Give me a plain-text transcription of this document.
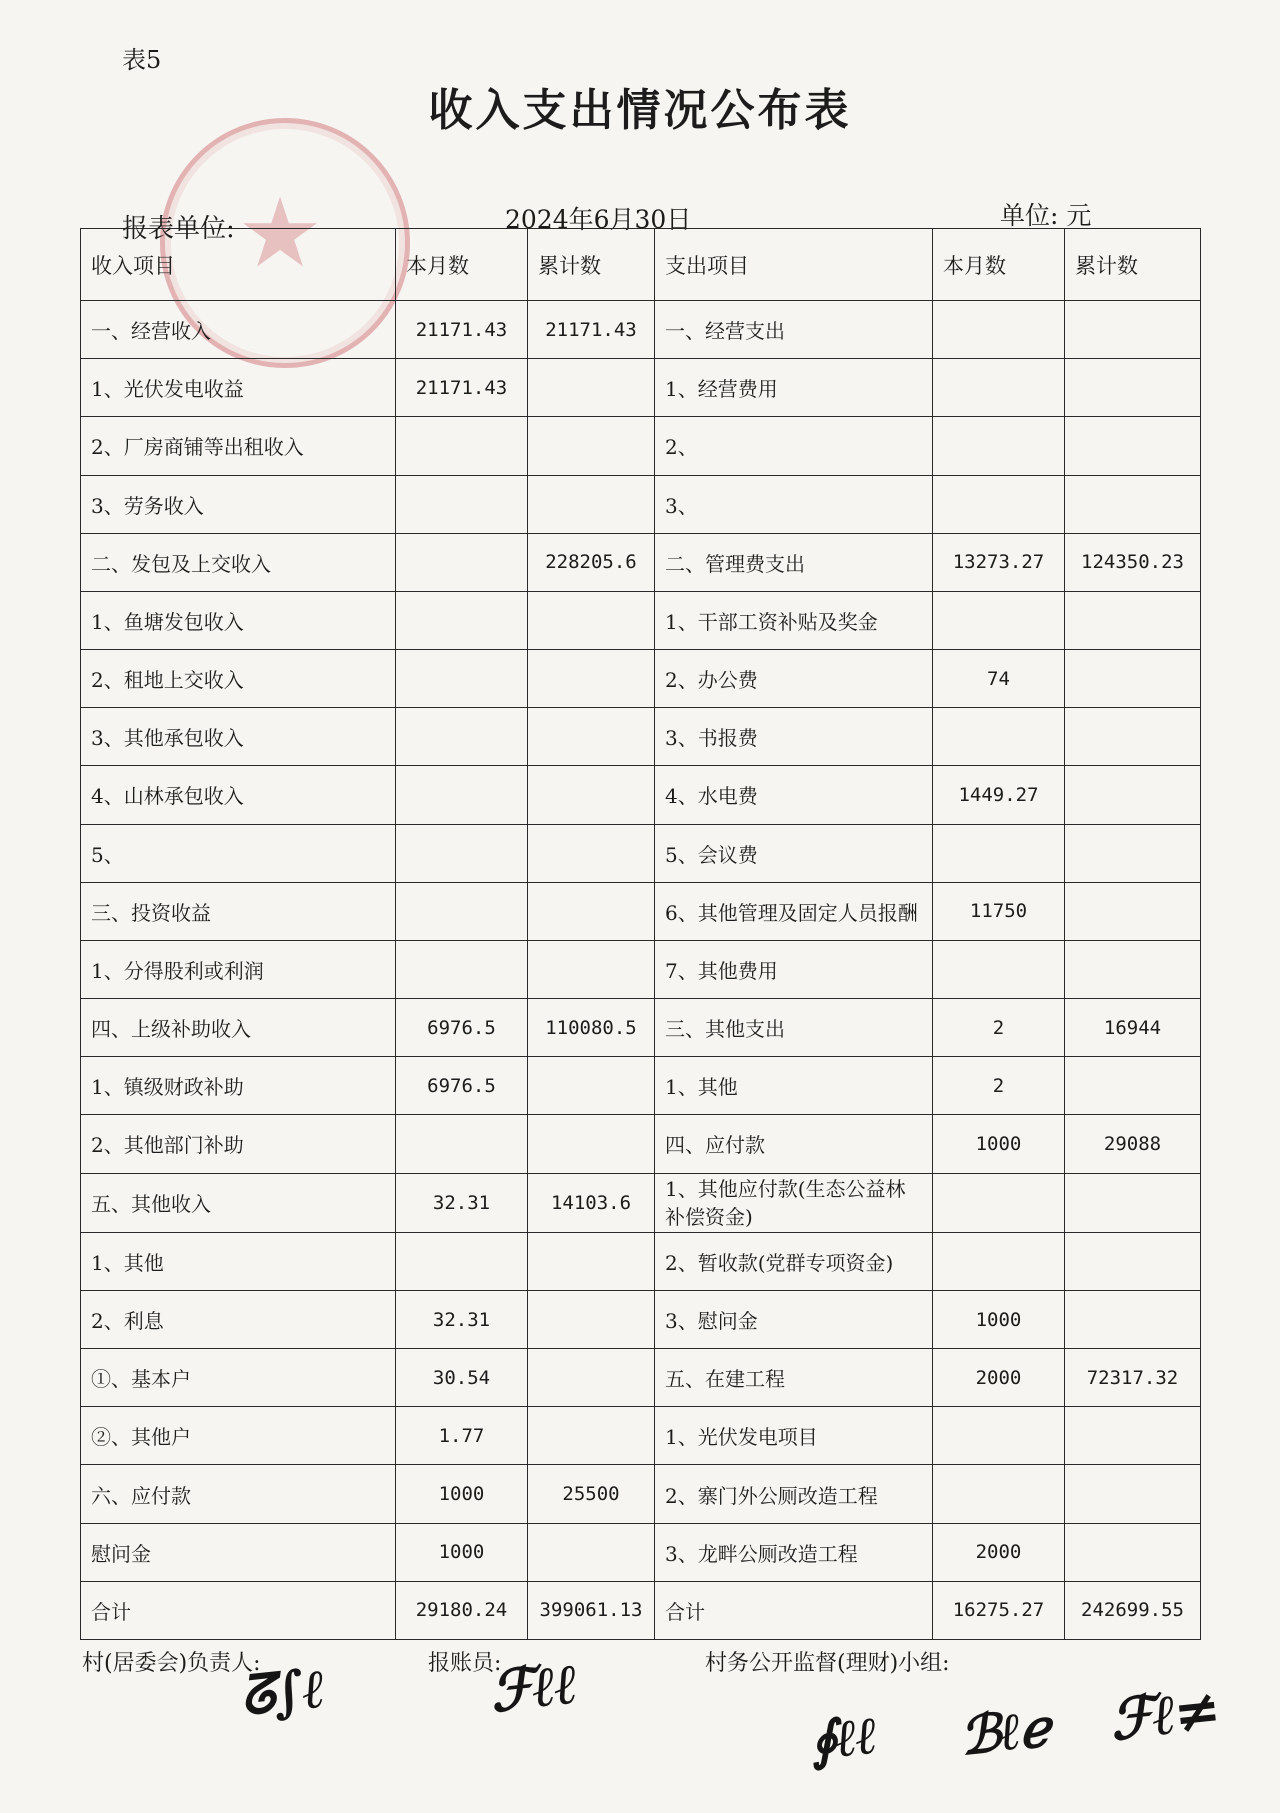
★
表5
收入支出情况公布表
报表单位:	2024年6月30日	单位: 元
收入项目	本月数	累计数	支出项目	本月数	累计数
一、经营收入	21171.43	21171.43	一、经营支出		
1、光伏发电收益	21171.43		1、经营费用		
2、厂房商铺等出租收入			2、		
3、劳务收入			3、		
二、发包及上交收入		228205.6	二、管理费支出	13273.27	124350.23
1、鱼塘发包收入			1、干部工资补贴及奖金		
2、租地上交收入			2、办公费	74	
3、其他承包收入			3、书报费		
4、山林承包收入			4、水电费	1449.27	
5、			5、会议费		
三、投资收益			6、其他管理及固定人员报酬	11750	
1、分得股利或利润			7、其他费用		
四、上级补助收入	6976.5	110080.5	三、其他支出	2	16944
1、镇级财政补助	6976.5		1、其他	2	
2、其他部门补助			四、应付款	1000	29088
五、其他收入	32.31	14103.6	1、其他应付款(生态公益林补偿资金)		
1、其他			2、暂收款(党群专项资金)		
2、利息	32.31		3、慰问金	1000	
①、基本户	30.54		五、在建工程	2000	72317.32
②、其他户	1.77		1、光伏发电项目		
六、应付款	1000	25500	2、寨门外公厕改造工程		
慰问金	1000		3、龙畔公厕改造工程	2000	
合计	29180.24	399061.13	合计	16275.27	242699.55
村(居委会)负责人:	报账员:	村务公开监督(理财)小组:
ᘔ∫ℓ	ℱℓℓ
∮ℓℓ ℬℓℯ ℱℓ≠
